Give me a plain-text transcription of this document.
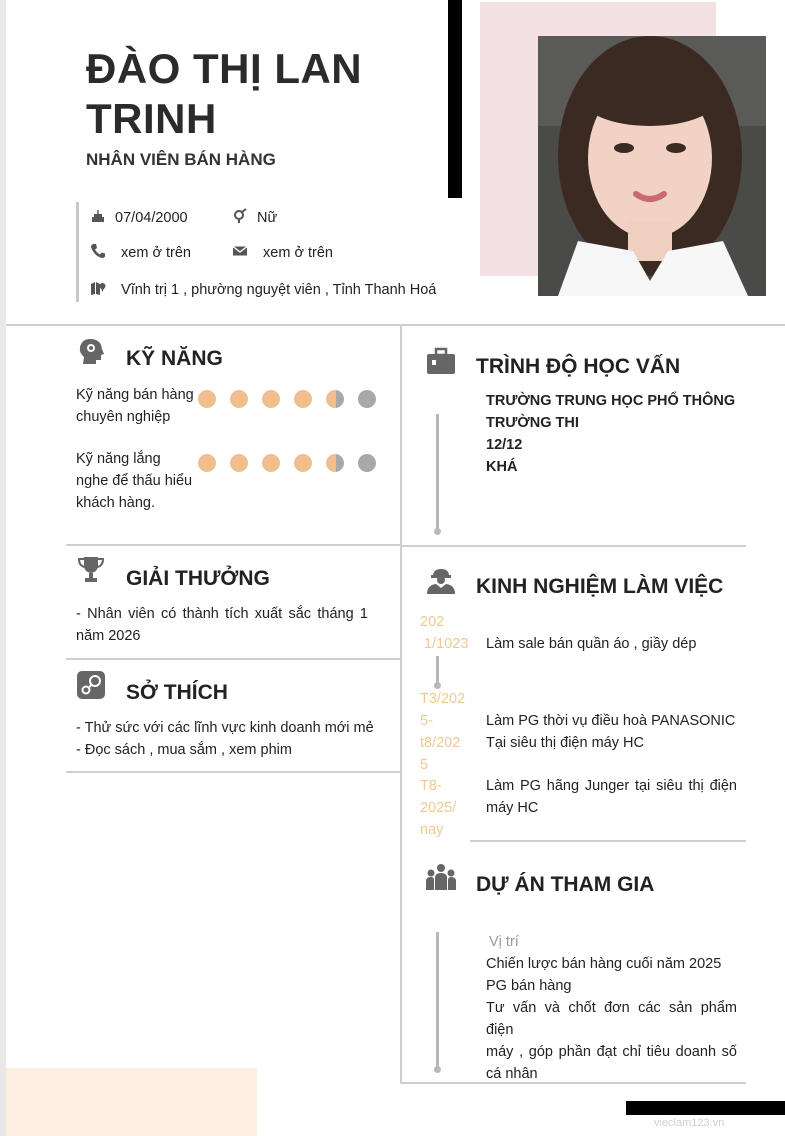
ĐÀO THỊ LAN
TRINH
NHÂN VIÊN BÁN HÀNG
07/04/2000	Nữ
xem ở trên	xem ở trên
Vĩnh trị 1 , phường nguyệt viên , Tỉnh Thanh Hoá
KỸ NĂNG
Kỹ năng bán hàng
chuyên nghiệp
Kỹ năng lắng
nghe để thấu hiểu
khách hàng.
GIẢI THƯỞNG
- Nhân viên có thành tích xuất sắc tháng 1
năm 2026
SỞ THÍCH
- Thử sức với các lĩnh vực kinh doanh mới mẻ
- Đọc sách , mua sắm , xem phim
TRÌNH ĐỘ HỌC VẤN
TRƯỜNG TRUNG HỌC PHỔ THÔNG
TRƯỜNG THI
12/12
KHÁ
KINH NGHIỆM LÀM VIỆC
202
1/1023 Làm sale bán quần áo , giầy dép
T3/202
5-
t8/202
5
Làm PG thời vụ điều hoà PANASONIC
Tại siêu thị điện máy HC
T8-
2025/
nay
Làm PG hãng Junger tại siêu thị điện
máy HC
DỰ ÁN THAM GIA
Vị trí
Chiến lược bán hàng cuối năm 2025
PG bán hàng
Tư vấn và chốt đơn các sản phẩm điện
máy , góp phần đạt chỉ tiêu doanh số
cá nhân
vieclam123.vn
